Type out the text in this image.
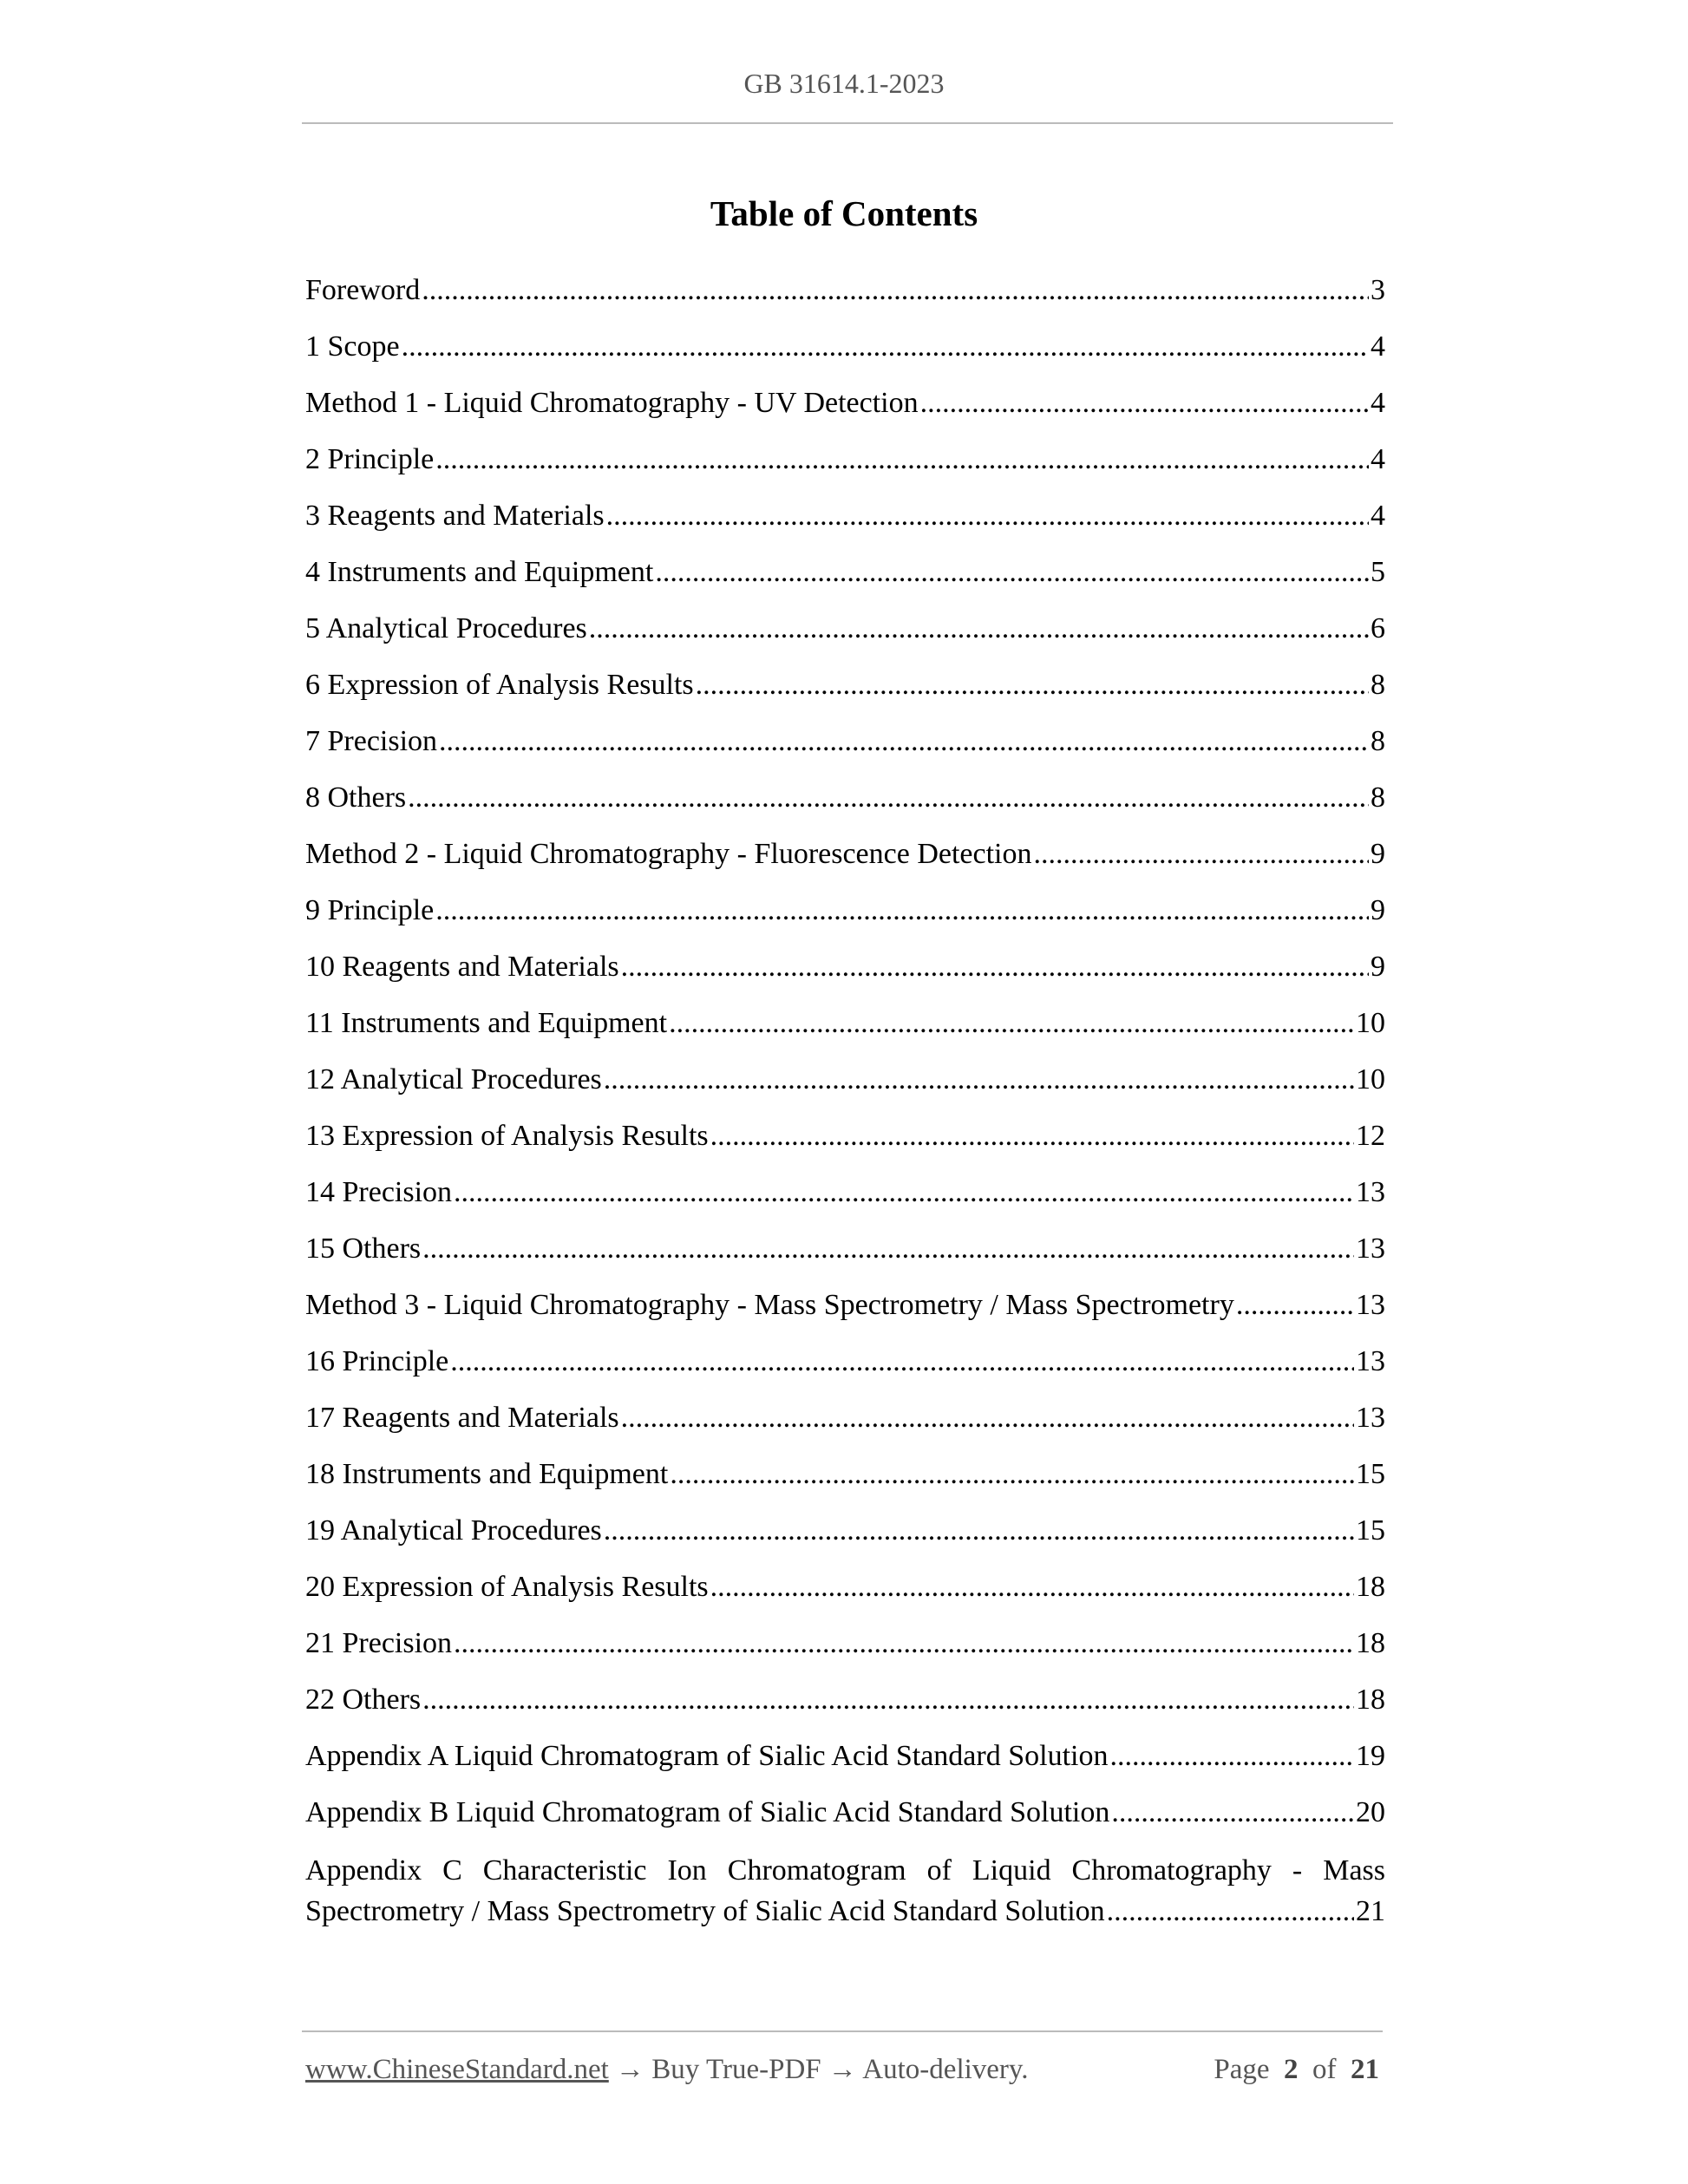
GB 31614.1-2023
Table of Contents
Foreword .....	3
1 Scope .....	4
Method 1 - Liquid Chromatography - UV Detection .....	4
2 Principle .....	4
3 Reagents and Materials .....	4
4 Instruments and Equipment .....	5
5 Analytical Procedures .....	6
6 Expression of Analysis Results .....	8
7 Precision .....	8
8 Others .....	8
Method 2 - Liquid Chromatography - Fluorescence Detection .....	9
9 Principle .....	9
10 Reagents and Materials .....	9
11 Instruments and Equipment .....	10
12 Analytical Procedures .....	10
13 Expression of Analysis Results .....	12
14 Precision .....	13
15 Others .....	13
Method 3 - Liquid Chromatography - Mass Spectrometry / Mass Spectrometry .....	13
16 Principle .....	13
17 Reagents and Materials .....	13
18 Instruments and Equipment .....	15
19 Analytical Procedures .....	15
20 Expression of Analysis Results .....	18
21 Precision .....	18
22 Others .....	18
Appendix A Liquid Chromatogram of Sialic Acid Standard Solution .....	19
Appendix B Liquid Chromatogram of Sialic Acid Standard Solution .....	20
Appendix C Characteristic Ion Chromatogram of Liquid Chromatography - Mass
Spectrometry / Mass Spectrometry of Sialic Acid Standard Solution .....	21
www.ChineseStandard.net → Buy True-PDF → Auto-delivery.	Page 2 of 21
